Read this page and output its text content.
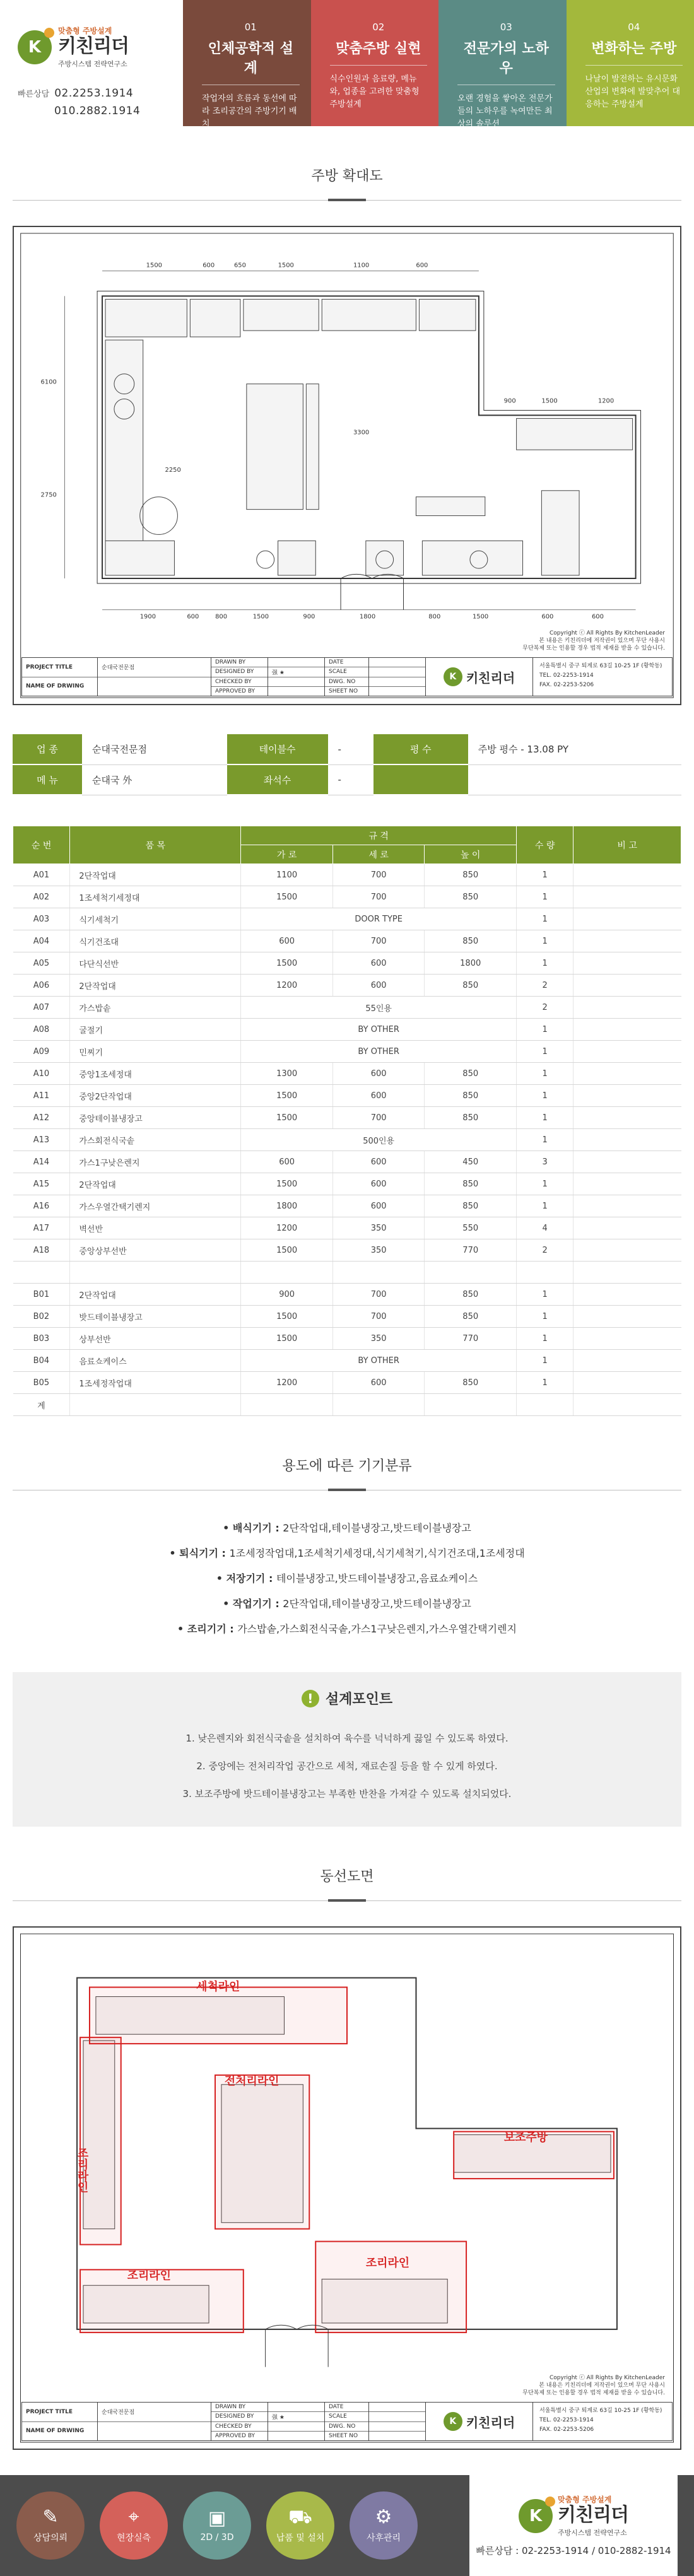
K
맞춤형 주방설계
키친리더
주방시스템 전략연구소
빠른상담 02.2253.1914
010.2882.1914
01
인체공학적 설계
작업자의 흐름과 동선에 따라 조리공간의 주방기기 배치
02
맞춤주방 실현
식수인원과 음료량, 메뉴와, 업종을 고려한 맞춤형 주방설계
03
전문가의 노하우
오랜 경험을 쌓아온 전문가들의 노하우를 녹여만든 최상의 솔루션
04
변화하는 주방
나날이 발전하는 유시문화 산업의 변화에 발맞추어 대응하는 주방설계
주방 확대도
1500	600	650	1500	1100	600
1900	600	800	1500	900	1800	800	1500	600	600
6100
2750
2250
3300
900	1500	1200
Copyright ⓒ All Rights By KitchenLeader
본 내용은 키친리더에 저작권이 있으며 무단 사용시
무단복제 또는 인용할 경우 법적 제재를 받을 수 있습니다.
PROJECT TITLE
NAME OF DRWING
순대국전문점
DRAWN BY
DESIGNED BY
CHECKED BY
APPROVED BY
强 ★
DATE
SCALE
DWG. NO
SHEET NO
K 키친리더
서울특별시 중구 퇴계로 63길 10-25 1F (황학동)
TEL. 02-2253-1914
FAX. 02-2253-5206
업 종	순대국전문점	테이블수	-	평 수	주방 평수 - 13.08 PY
메 뉴	순대국 外	좌석수	-		
순 번	품 목	규 격			수 량	비 고
		가 로	세 로	높 이		
A01	2단작업대	1100	700	850	1	
A02	1조세척기세정대	1500	700	850	1	
A03	식기세척기	DOOR TYPE			1	
A04	식기건조대	600	700	850	1	
A05	다단식선반	1500	600	1800	1	
A06	2단작업대	1200	600	850	2	
A07	가스밥솥	55인용			2	
A08	굴절기	BY OTHER			1	
A09	민찌기	BY OTHER			1	
A10	중앙1조세정대	1300	600	850	1	
A11	중앙2단작업대	1500	600	850	1	
A12	중앙테이블냉장고	1500	700	850	1	
A13	가스회전식국솥	500인용			1	
A14	가스1구낮은렌지	600	600	450	3	
A15	2단작업대	1500	600	850	1	
A16	가스우열간택기렌지	1800	600	850	1	
A17	벽선반	1200	350	550	4	
A18	중앙상부선반	1500	350	770	2	

B01	2단작업대	900	700	850	1	
B02	밧드테이블냉장고	1500	700	850	1	
B03	상부선반	1500	350	770	1	
B04	음료쇼케이스	BY OTHER			1	
B05	1조세정작업대	1200	600	850	1	
계						
용도에 따른 기기분류
• 배식기기 : 2단작업대,테이블냉장고,밧드테이블냉장고
• 퇴식기기 : 1조세정작업대,1조세척기세정대,식기세척기,식기건조대,1조세정대
• 저장기기 : 테이블냉장고,밧드테이블냉장고,음료쇼케이스
• 작업기기 : 2단작업대,테이블냉장고,밧드테이블냉장고
• 조리기기 : 가스밥솥,가스회전식국솥,가스1구낮은렌지,가스우열간택기렌지
! 설계포인트
1. 낮은렌지와 회전식국솥을 설치하여 육수를 넉넉하게 끓일 수 있도록 하였다.
2. 중앙에는 전처리작업 공간으로 세척, 재료손질 등을 할 수 있게 하였다.
3. 보조주방에 밧드테이블냉장고는 부족한 반찬을 가져갈 수 있도록 설치되었다.
동선도면
세척라인
전처리라인
조리라인
조리라인
보조주방
조리라인
Copyright ⓒ All Rights By KitchenLeader
본 내용은 키친리더에 저작권이 있으며 무단 사용시
무단복제 또는 인용할 경우 법적 제재를 받을 수 있습니다.
PROJECT TITLE
NAME OF DRWING
순대국전문점
DRAWN BY
DESIGNED BY
CHECKED BY
APPROVED BY
强 ★
DATE
SCALE
DWG. NO
SHEET NO
K 키친리더
서울특별시 중구 퇴계로 63길 10-25 1F (황학동)
TEL. 02-2253-1914
FAX. 02-2253-5206
✎
상담의뢰
⌖
현장실측
▣
2D / 3D
⛟
납품 및 설치
⚙
사후관리
K
맞춤형 주방설계
키친리더
주방시스템 전략연구소
빠른상담 : 02-2253-1914 / 010-2882-1914
